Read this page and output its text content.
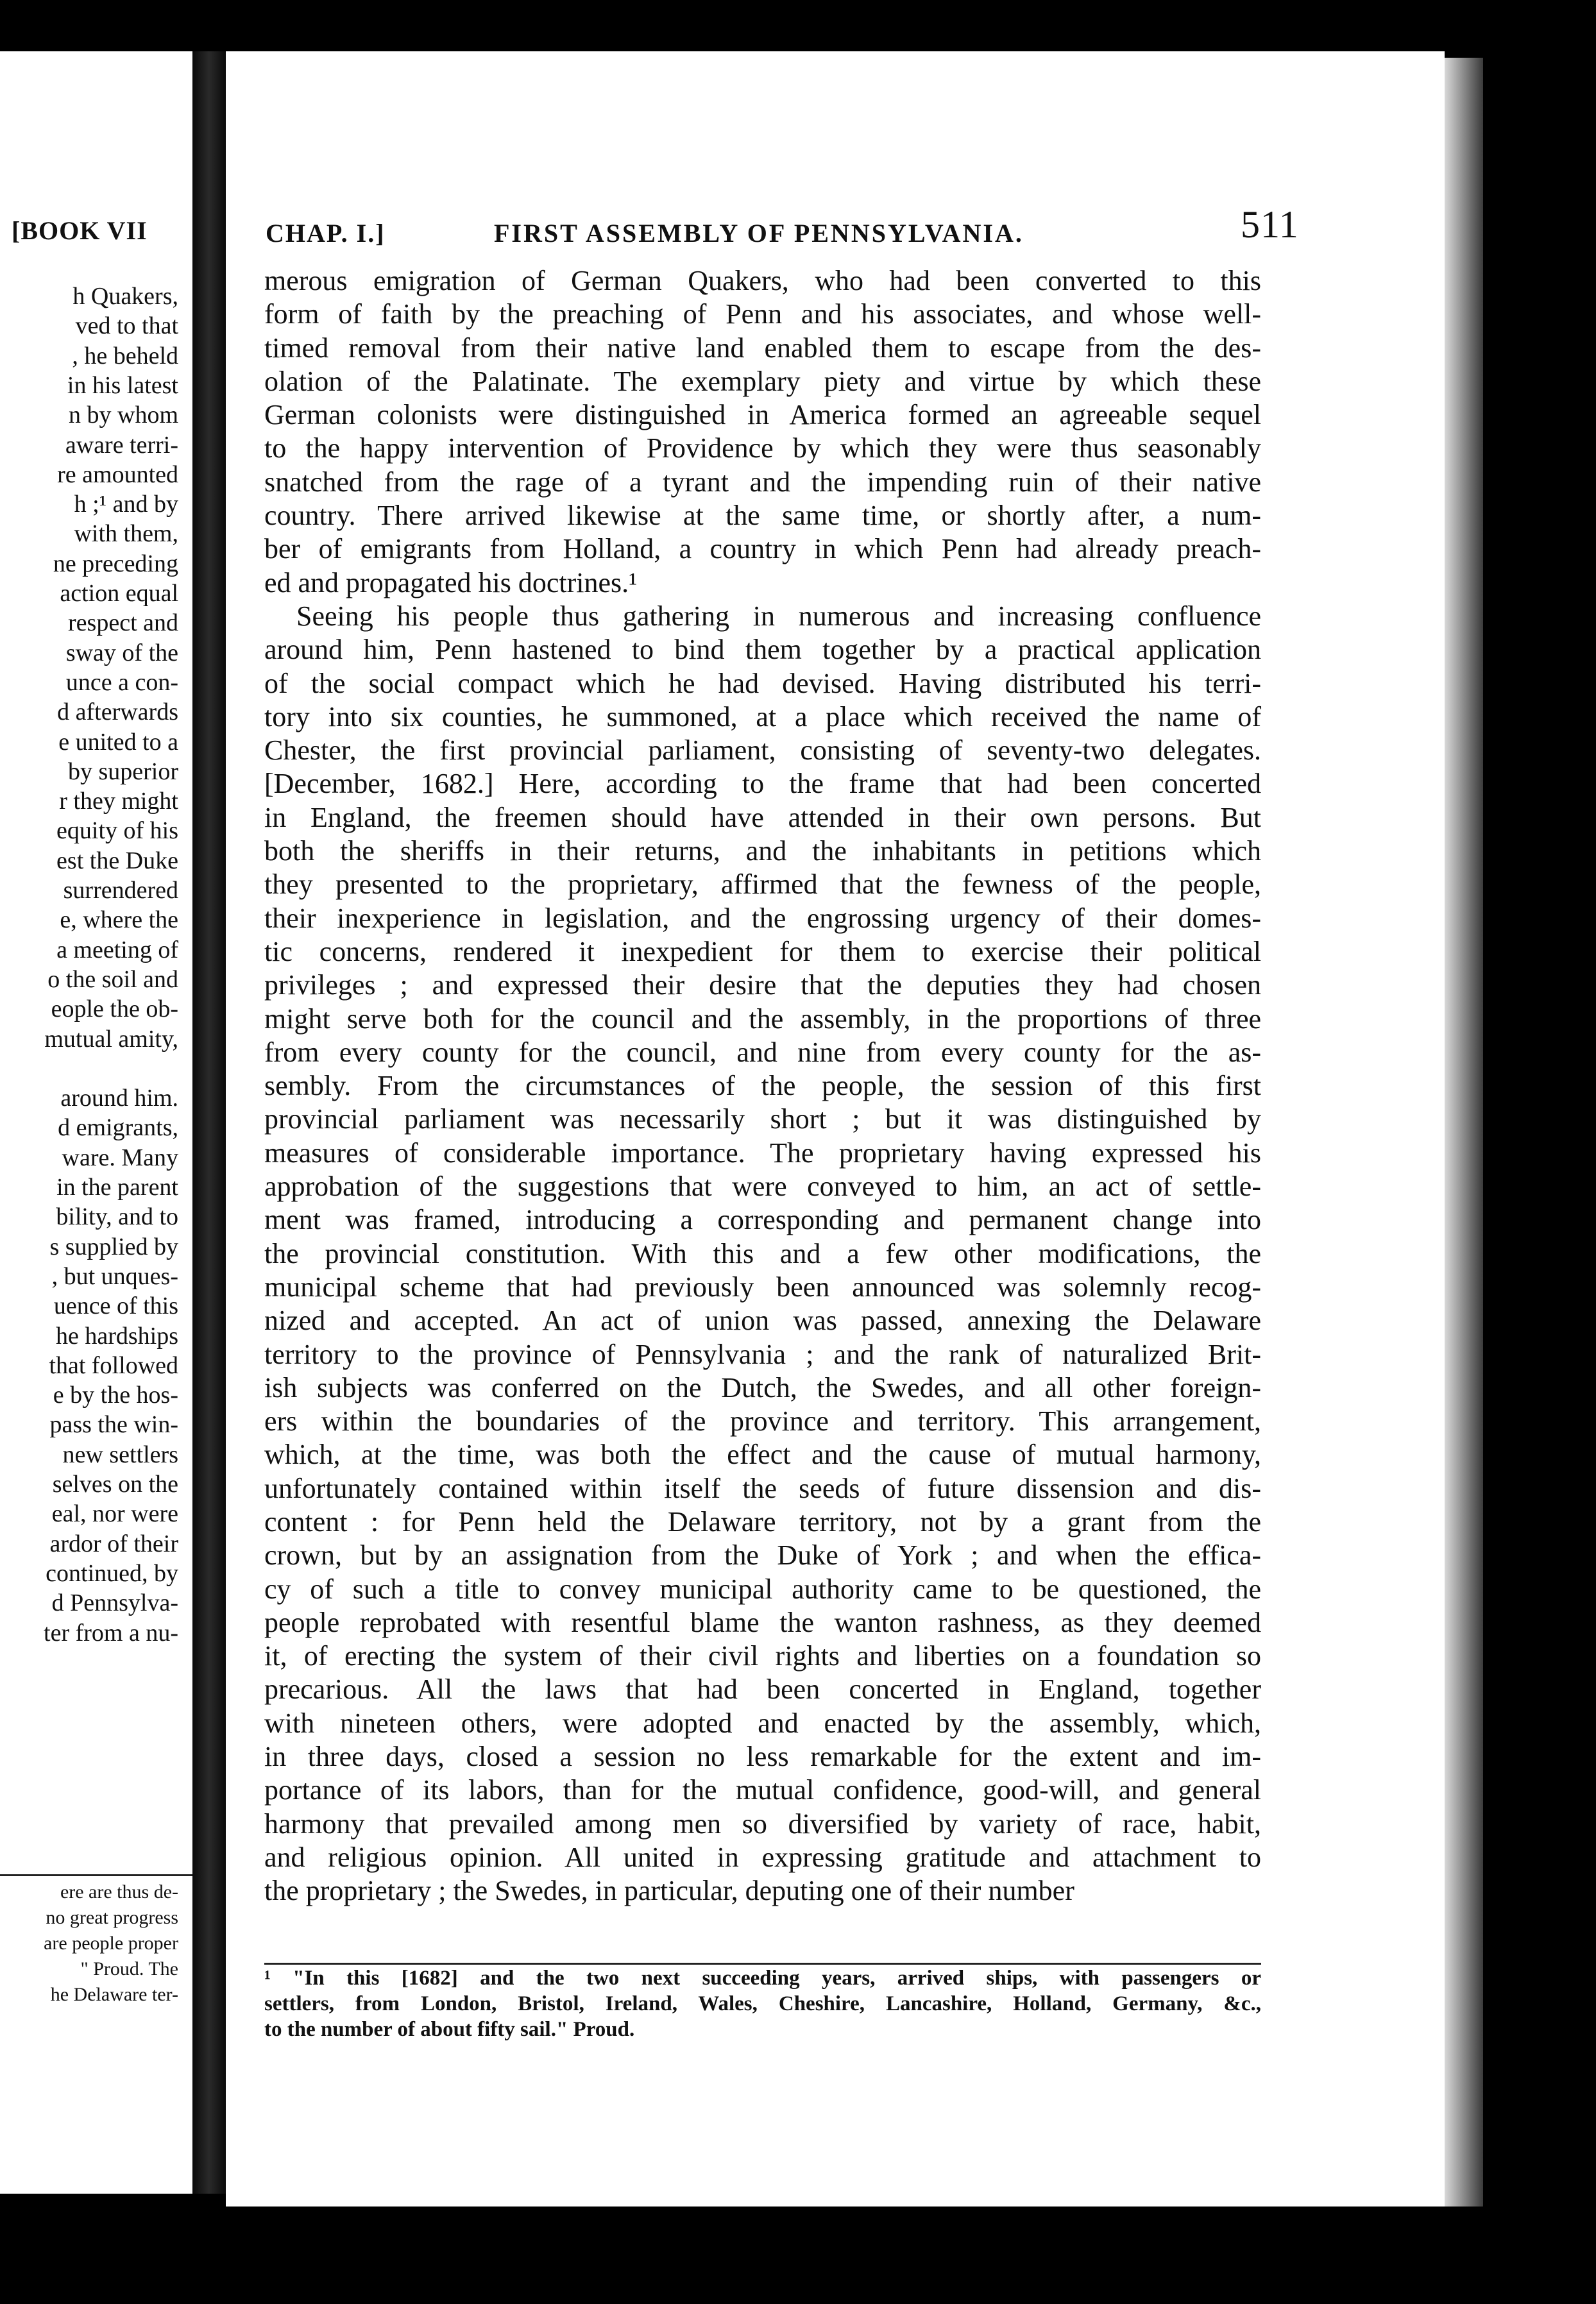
[BOOK VII
h Quakers,
ved to that
, he beheld
in his latest
n by whom
aware terri-
re amounted
h ;¹ and by
with them,
ne preceding
action equal
respect and
sway of the
unce a con-
d afterwards
e united to a
by superior
r they might
equity of his
est the Duke
surrendered
e, where the
a meeting of
o the soil and
eople the ob-
mutual amity,
around him.
d emigrants,
ware. Many
in the parent
bility, and to
s supplied by
, but unques-
uence of this
he hardships
that followed
e by the hos-
pass the win-
new settlers
selves on the
eal, nor were
ardor of their
continued, by
d Pennsylva-
ter from a nu-
ere are thus de-
no great progress
are people proper
" Proud. The
he Delaware ter-
CHAP. I.]	FIRST ASSEMBLY OF PENNSYLVANIA.	511
merous emigration of German Quakers, who had been converted to this
form of faith by the preaching of Penn and his associates, and whose well-
timed removal from their native land enabled them to escape from the des-
olation of the Palatinate. The exemplary piety and virtue by which these
German colonists were distinguished in America formed an agreeable sequel
to the happy intervention of Providence by which they were thus seasonably
snatched from the rage of a tyrant and the impending ruin of their native
country. There arrived likewise at the same time, or shortly after, a num-
ber of emigrants from Holland, a country in which Penn had already preach-
ed and propagated his doctrines.¹
Seeing his people thus gathering in numerous and increasing confluence
around him, Penn hastened to bind them together by a practical application
of the social compact which he had devised. Having distributed his terri-
tory into six counties, he summoned, at a place which received the name of
Chester, the first provincial parliament, consisting of seventy-two delegates.
[December, 1682.] Here, according to the frame that had been concerted
in England, the freemen should have attended in their own persons. But
both the sheriffs in their returns, and the inhabitants in petitions which
they presented to the proprietary, affirmed that the fewness of the people,
their inexperience in legislation, and the engrossing urgency of their domes-
tic concerns, rendered it inexpedient for them to exercise their political
privileges ; and expressed their desire that the deputies they had chosen
might serve both for the council and the assembly, in the proportions of three
from every county for the council, and nine from every county for the as-
sembly. From the circumstances of the people, the session of this first
provincial parliament was necessarily short ; but it was distinguished by
measures of considerable importance. The proprietary having expressed his
approbation of the suggestions that were conveyed to him, an act of settle-
ment was framed, introducing a corresponding and permanent change into
the provincial constitution. With this and a few other modifications, the
municipal scheme that had previously been announced was solemnly recog-
nized and accepted. An act of union was passed, annexing the Delaware
territory to the province of Pennsylvania ; and the rank of naturalized Brit-
ish subjects was conferred on the Dutch, the Swedes, and all other foreign-
ers within the boundaries of the province and territory. This arrangement,
which, at the time, was both the effect and the cause of mutual harmony,
unfortunately contained within itself the seeds of future dissension and dis-
content : for Penn held the Delaware territory, not by a grant from the
crown, but by an assignation from the Duke of York ; and when the effica-
cy of such a title to convey municipal authority came to be questioned, the
people reprobated with resentful blame the wanton rashness, as they deemed
it, of erecting the system of their civil rights and liberties on a foundation so
precarious. All the laws that had been concerted in England, together
with nineteen others, were adopted and enacted by the assembly, which,
in three days, closed a session no less remarkable for the extent and im-
portance of its labors, than for the mutual confidence, good-will, and general
harmony that prevailed among men so diversified by variety of race, habit,
and religious opinion. All united in expressing gratitude and attachment to
the proprietary ; the Swedes, in particular, deputing one of their number
¹ "In this [1682] and the two next succeeding years, arrived ships, with passengers or
settlers, from London, Bristol, Ireland, Wales, Cheshire, Lancashire, Holland, Germany, &c.,
to the number of about fifty sail." Proud.
